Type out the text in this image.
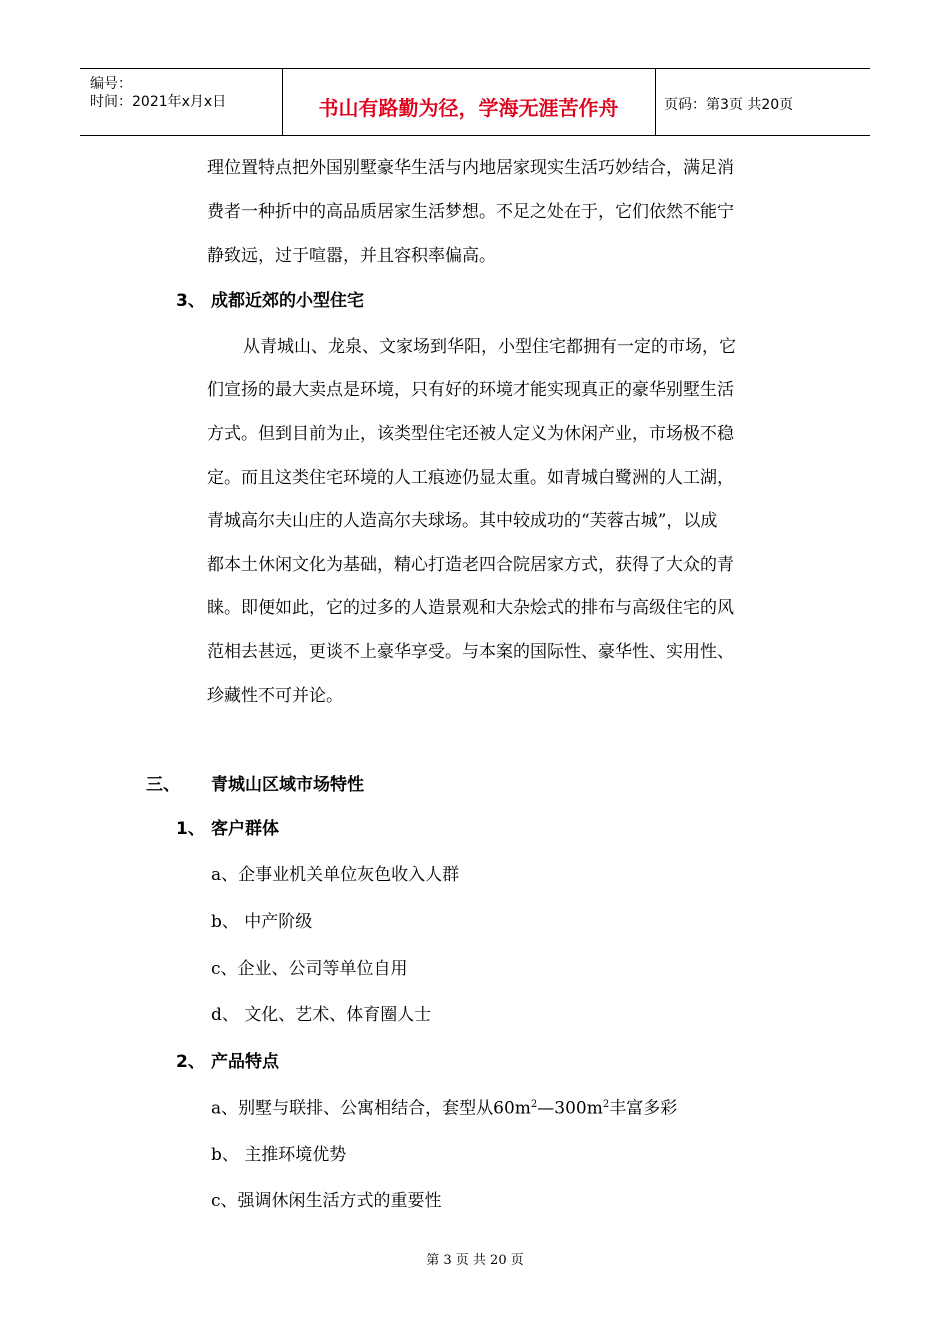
编号：
时间：2021年x月x日	书山有路勤为径，学海无涯苦作舟	页码：第3页 共20页
理位置特点把外国别墅豪华生活与内地居家现实生活巧妙结合，满足消
费者一种折中的高品质居家生活梦想。不足之处在于，它们依然不能宁
静致远，过于喧嚣，并且容积率偏高。
3、 成都近郊的小型住宅
从青城山、龙泉、文家场到华阳，小型住宅都拥有一定的市场，它
们宣扬的最大卖点是环境，只有好的环境才能实现真正的豪华别墅生活
方式。但到目前为止，该类型住宅还被人定义为休闲产业，市场极不稳
定。而且这类住宅环境的人工痕迹仍显太重。如青城白鹭洲的人工湖，
青城高尔夫山庄的人造高尔夫球场。其中较成功的“芙蓉古城”，以成
都本土休闲文化为基础，精心打造老四合院居家方式，获得了大众的青
睐。即便如此，它的过多的人造景观和大杂烩式的排布与高级住宅的风
范相去甚远，更谈不上豪华享受。与本案的国际性、豪华性、实用性、
珍藏性不可并论。
三、 青城山区域市场特性
1、 客户群体
a、企事业机关单位灰色收入人群
b、 中产阶级
c、企业、公司等单位自用
d、 文化、艺术、体育圈人士
2、 产品特点
a、别墅与联排、公寓相结合，套型从$60m^2—300m^2$丰富多彩
b、 主推环境优势
c、强调休闲生活方式的重要性
第 3 页 共 20 页
